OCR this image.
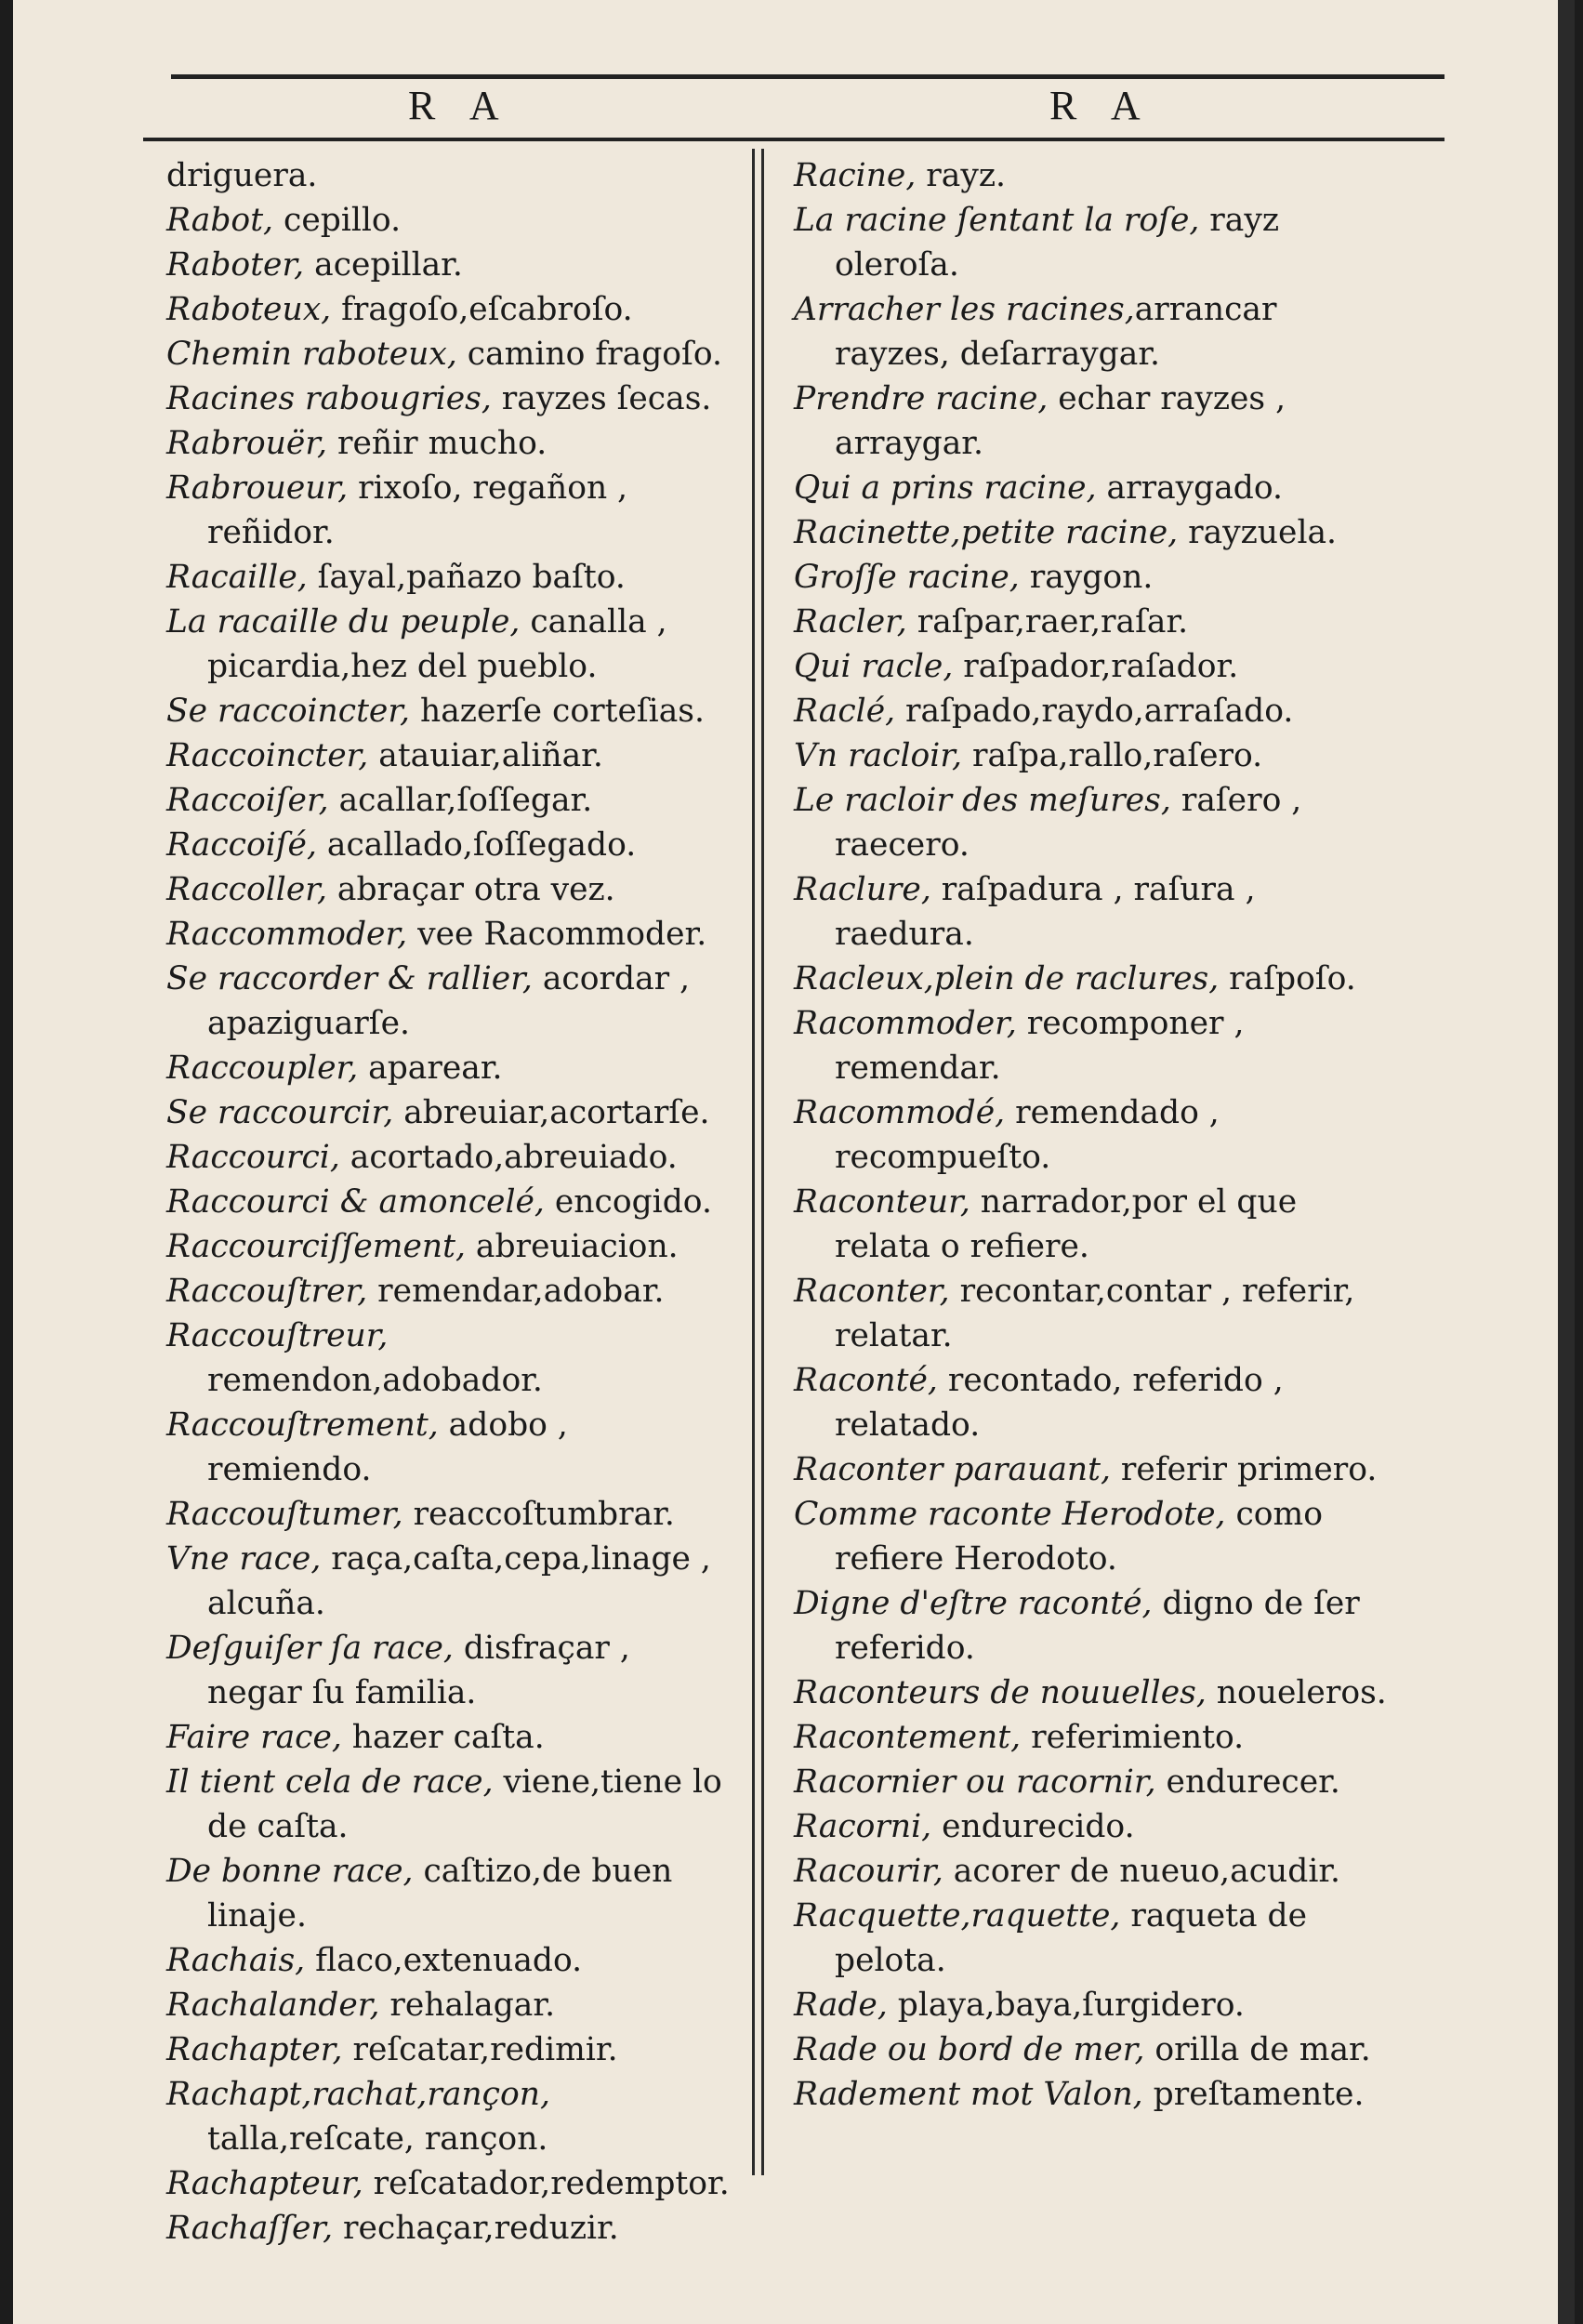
R A	R A

driguera.

Rabot, cepillo.

Raboter, acepillar.

Raboteux, fragoſo,eſcabroſo.

Chemin raboteux, camino fragoſo.

Racines rabougries, rayzes ſecas.

Rabrouër, reñir mucho.

Rabroueur, rixoſo, regañon , reñidor.

Racaille, ſayal,pañazo baſto.

La racaille du peuple, canalla , picardia,hez del pueblo.

Se raccoincter, hazerſe corteſias.

Raccoincter, atauiar,aliñar.

Raccoiſer, acallar,ſoſſegar.

Raccoiſé, acallado,ſoſſegado.

Raccoller, abraçar otra vez.

Raccommoder, vee Racommoder.

Se raccorder & rallier, acordar , apaziguarſe.

Raccoupler, aparear.

Se raccourcir, abreuiar,acortarſe.

Raccourci, acortado,abreuiado.

Raccourci & amoncelé, encogido.

Raccourciſſement, abreuiacion.

Raccouſtrer, remendar,adobar.

Raccouſtreur, remendon,adobador.

Raccouſtrement, adobo , remiendo.

Raccouſtumer, reaccoſtumbrar.

Vne race, raça,caſta,cepa,linage , alcuña.

Deſguiſer ſa race, disfraçar , negar ſu familia.

Faire race, hazer caſta.

Il tient cela de race, viene,tiene lo de caſta.

De bonne race, caſtizo,de buen linaje.

Rachais, flaco,extenuado.

Rachalander, rehalagar.

Rachapter, reſcatar,redimir.

Rachapt,rachat,rançon, talla,reſcate, rançon.

Rachapteur, reſcatador,redemptor.

Rachaſſer, rechaçar,reduzir.

Racine, rayz.

La racine ſentant la roſe, rayz oleroſa.

Arracher les racines,arrancar rayzes, deſarraygar.

Prendre racine, echar rayzes , arraygar.

Qui a prins racine, arraygado.

Racinette,petite racine, rayzuela.

Groſſe racine, raygon.

Racler, raſpar,raer,raſar.

Qui racle, raſpador,raſador.

Raclé, raſpado,raydo,arraſado.

Vn racloir, raſpa,rallo,raſero.

Le racloir des meſures, raſero , raecero.

Raclure, raſpadura , raſura , raedura.

Racleux,plein de raclures, raſpoſo.

Racommoder, recomponer , remendar.

Racommodé, remendado , recompueſto.

Raconteur, narrador,por el que relata o refiere.

Raconter, recontar,contar , referir, relatar.

Raconté, recontado, referido , relatado.

Raconter parauant, referir primero.

Comme raconte Herodote, como refiere Herodoto.

Digne d'eſtre raconté, digno de ſer referido.

Raconteurs de nouuelles, noueleros.

Racontement, referimiento.

Racornier ou racornir, endurecer.

Racorni, endurecido.

Racourir, acorer de nueuo,acudir.

Racquette,raquette, raqueta de pelota.

Rade, playa,baya,ſurgidero.

Rade ou bord de mer, orilla de mar.

Radement mot Valon, preſtamente.
